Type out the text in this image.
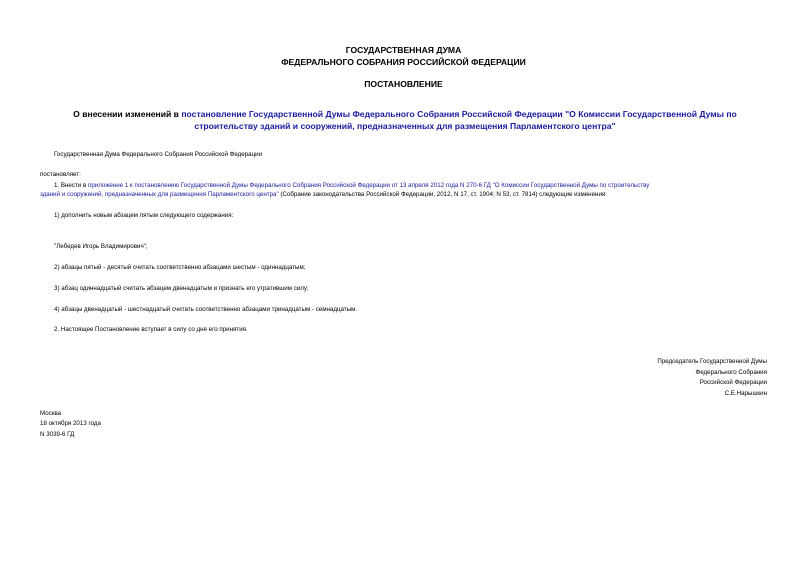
ГОСУДАРСТВЕННАЯ ДУМА
ФЕДЕРАЛЬНОГО СОБРАНИЯ РОССИЙСКОЙ ФЕДЕРАЦИИ
ПОСТАНОВЛЕНИЕ
О внесении изменений в постановление Государственной Думы Федерального Собрания Российской Федерации "О Комиссии Государственной Думы по
строительству зданий и сооружений, предназначенных для размещения Парламентского центра"
Государственная Дума Федерального Собрания Российской Федерации
постановляет:
1. Внести в приложение 1 к постановлению Государственной Думы Федерального Собрания Российской Федерации от 13 апреля 2012 года N 270-6 ГД "О Комиссии Государственной Думы по строительству
зданий и сооружений, предназначенных для размещения Парламентского центра" (Собрание законодательства Российской Федерации, 2012, N 17, ст. 1904; N 53, ст. 7814) следующие изменения:
1) дополнить новым абзацем пятым следующего содержания:
"Лебедев Игорь Владимирович";
2) абзацы пятый - десятый считать соответственно абзацами шестым - одиннадцатым;
3) абзац одиннадцатый считать абзацем двенадцатым и признать его утратившим силу;
4) абзацы двенадцатый - шестнадцатый считать соответственно абзацами тринадцатым - семнадцатым.
2. Настоящее Постановление вступает в силу со дня его принятия.
Председатель Государственной Думы
Федерального Собрания
Российской Федерации
С.Е.Нарышкин
Москва
18 октября 2013 года
N 3039-6 ГД
